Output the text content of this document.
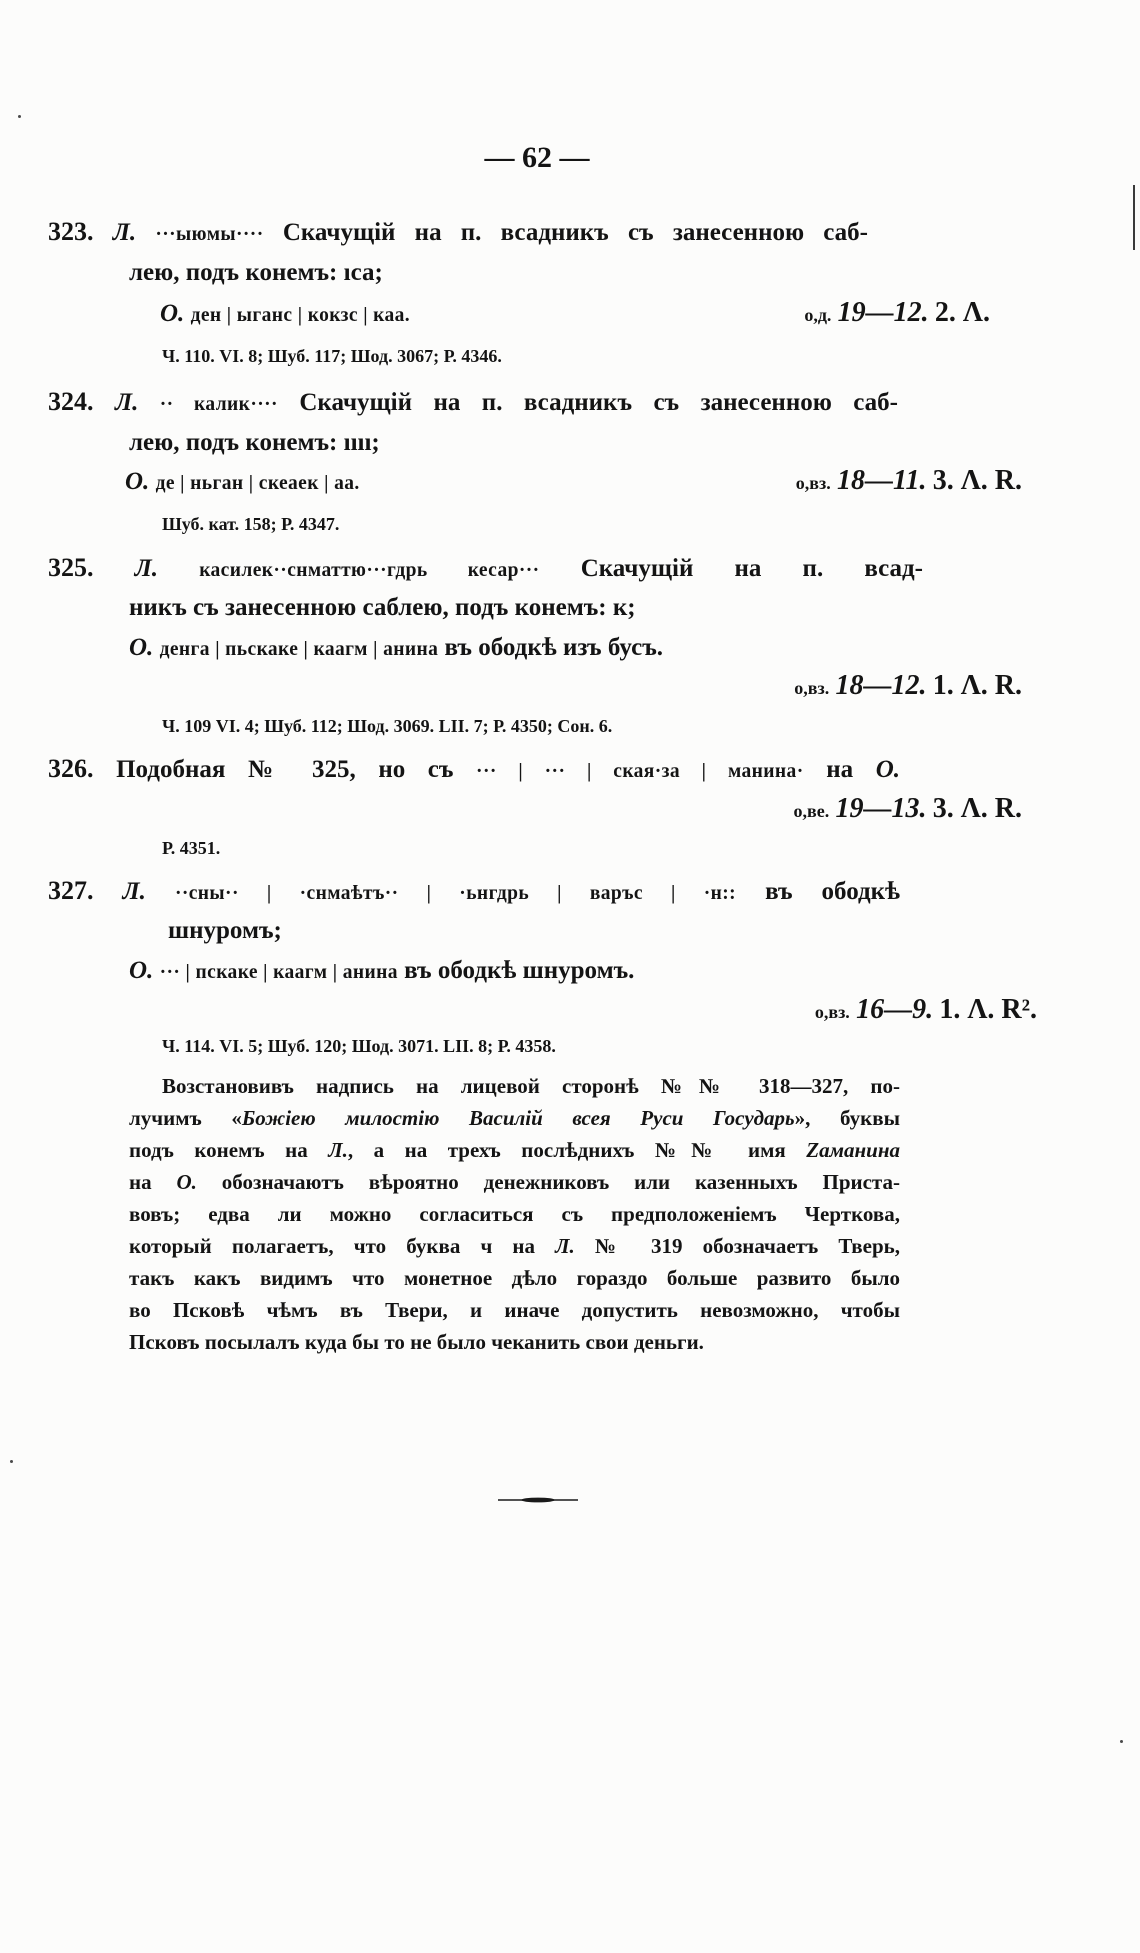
— 62 —
323. Л. ···ыюмы···· Скачущій на п. всадникъ съ занесенною саб-
лею, подъ конемъ: ıса;
О. ден | ыганс | кокзс | каа.	о,д. 19—12. 2. Ʌ.
Ч. 110. VI. 8; Шуб. 117; Шод. 3067; Р. 4346.
324. Л. ·· калик···· Скачущій на п. всадникъ съ занесенною саб-
лею, подъ конемъ: ıııı;
О. де | ньган | скеаек | аа.	о,вз. 18—11. 3. Ʌ. R.
Шуб. кат. 158; Р. 4347.
325. Л. касилек··снматтю···гдрь кесар··· Скачущій на п. всад-
никъ съ занесенною саблею, подъ конемъ: к;
О. денга | пьскаке | каагм | анина въ ободкѣ изъ бусъ.
о,вз. 18—12. 1. Ʌ. R.
Ч. 109 VI. 4; Шуб. 112; Шод. 3069. LII. 7; Р. 4350; Сон. 6.
326. Подобная № 325, но съ ··· | ··· | ская·за | манина· на О.
о,ве. 19—13. 3. Ʌ. R.
Р. 4351.
327. Л. ··сны·· | ·снмаѣтъ·· | ·ьнгдрь | варъс | ·н:: въ ободкѣ
шнуромъ;
О. ··· | пскаке | каагм | анина въ ободкѣ шнуромъ.
о,вз. 16—9. 1. Ʌ. R².
Ч. 114. VI. 5; Шуб. 120; Шод. 3071. LII. 8; Р. 4358.
Возстановивъ надпись на лицевой сторонѣ №№ 318—327, по-
лучимъ «Божіею милостію Василій всея Руси Государь», буквы
подъ конемъ на Л., а на трехъ послѣднихъ №№ имя Zаманина
на О. обозначаютъ вѣроятно денежниковъ или казенныхъ Приста-
вовъ; едва ли можно согласиться съ предположеніемъ Черткова,
который полагаетъ, что буква ч на Л. № 319 обозначаетъ Тверь,
такъ какъ видимъ что монетное дѣло гораздо больше развито было
во Псковѣ чѣмъ въ Твери, и иначе допустить невозможно, чтобы
Псковъ посылалъ куда бы то не было чеканить свои деньги.
